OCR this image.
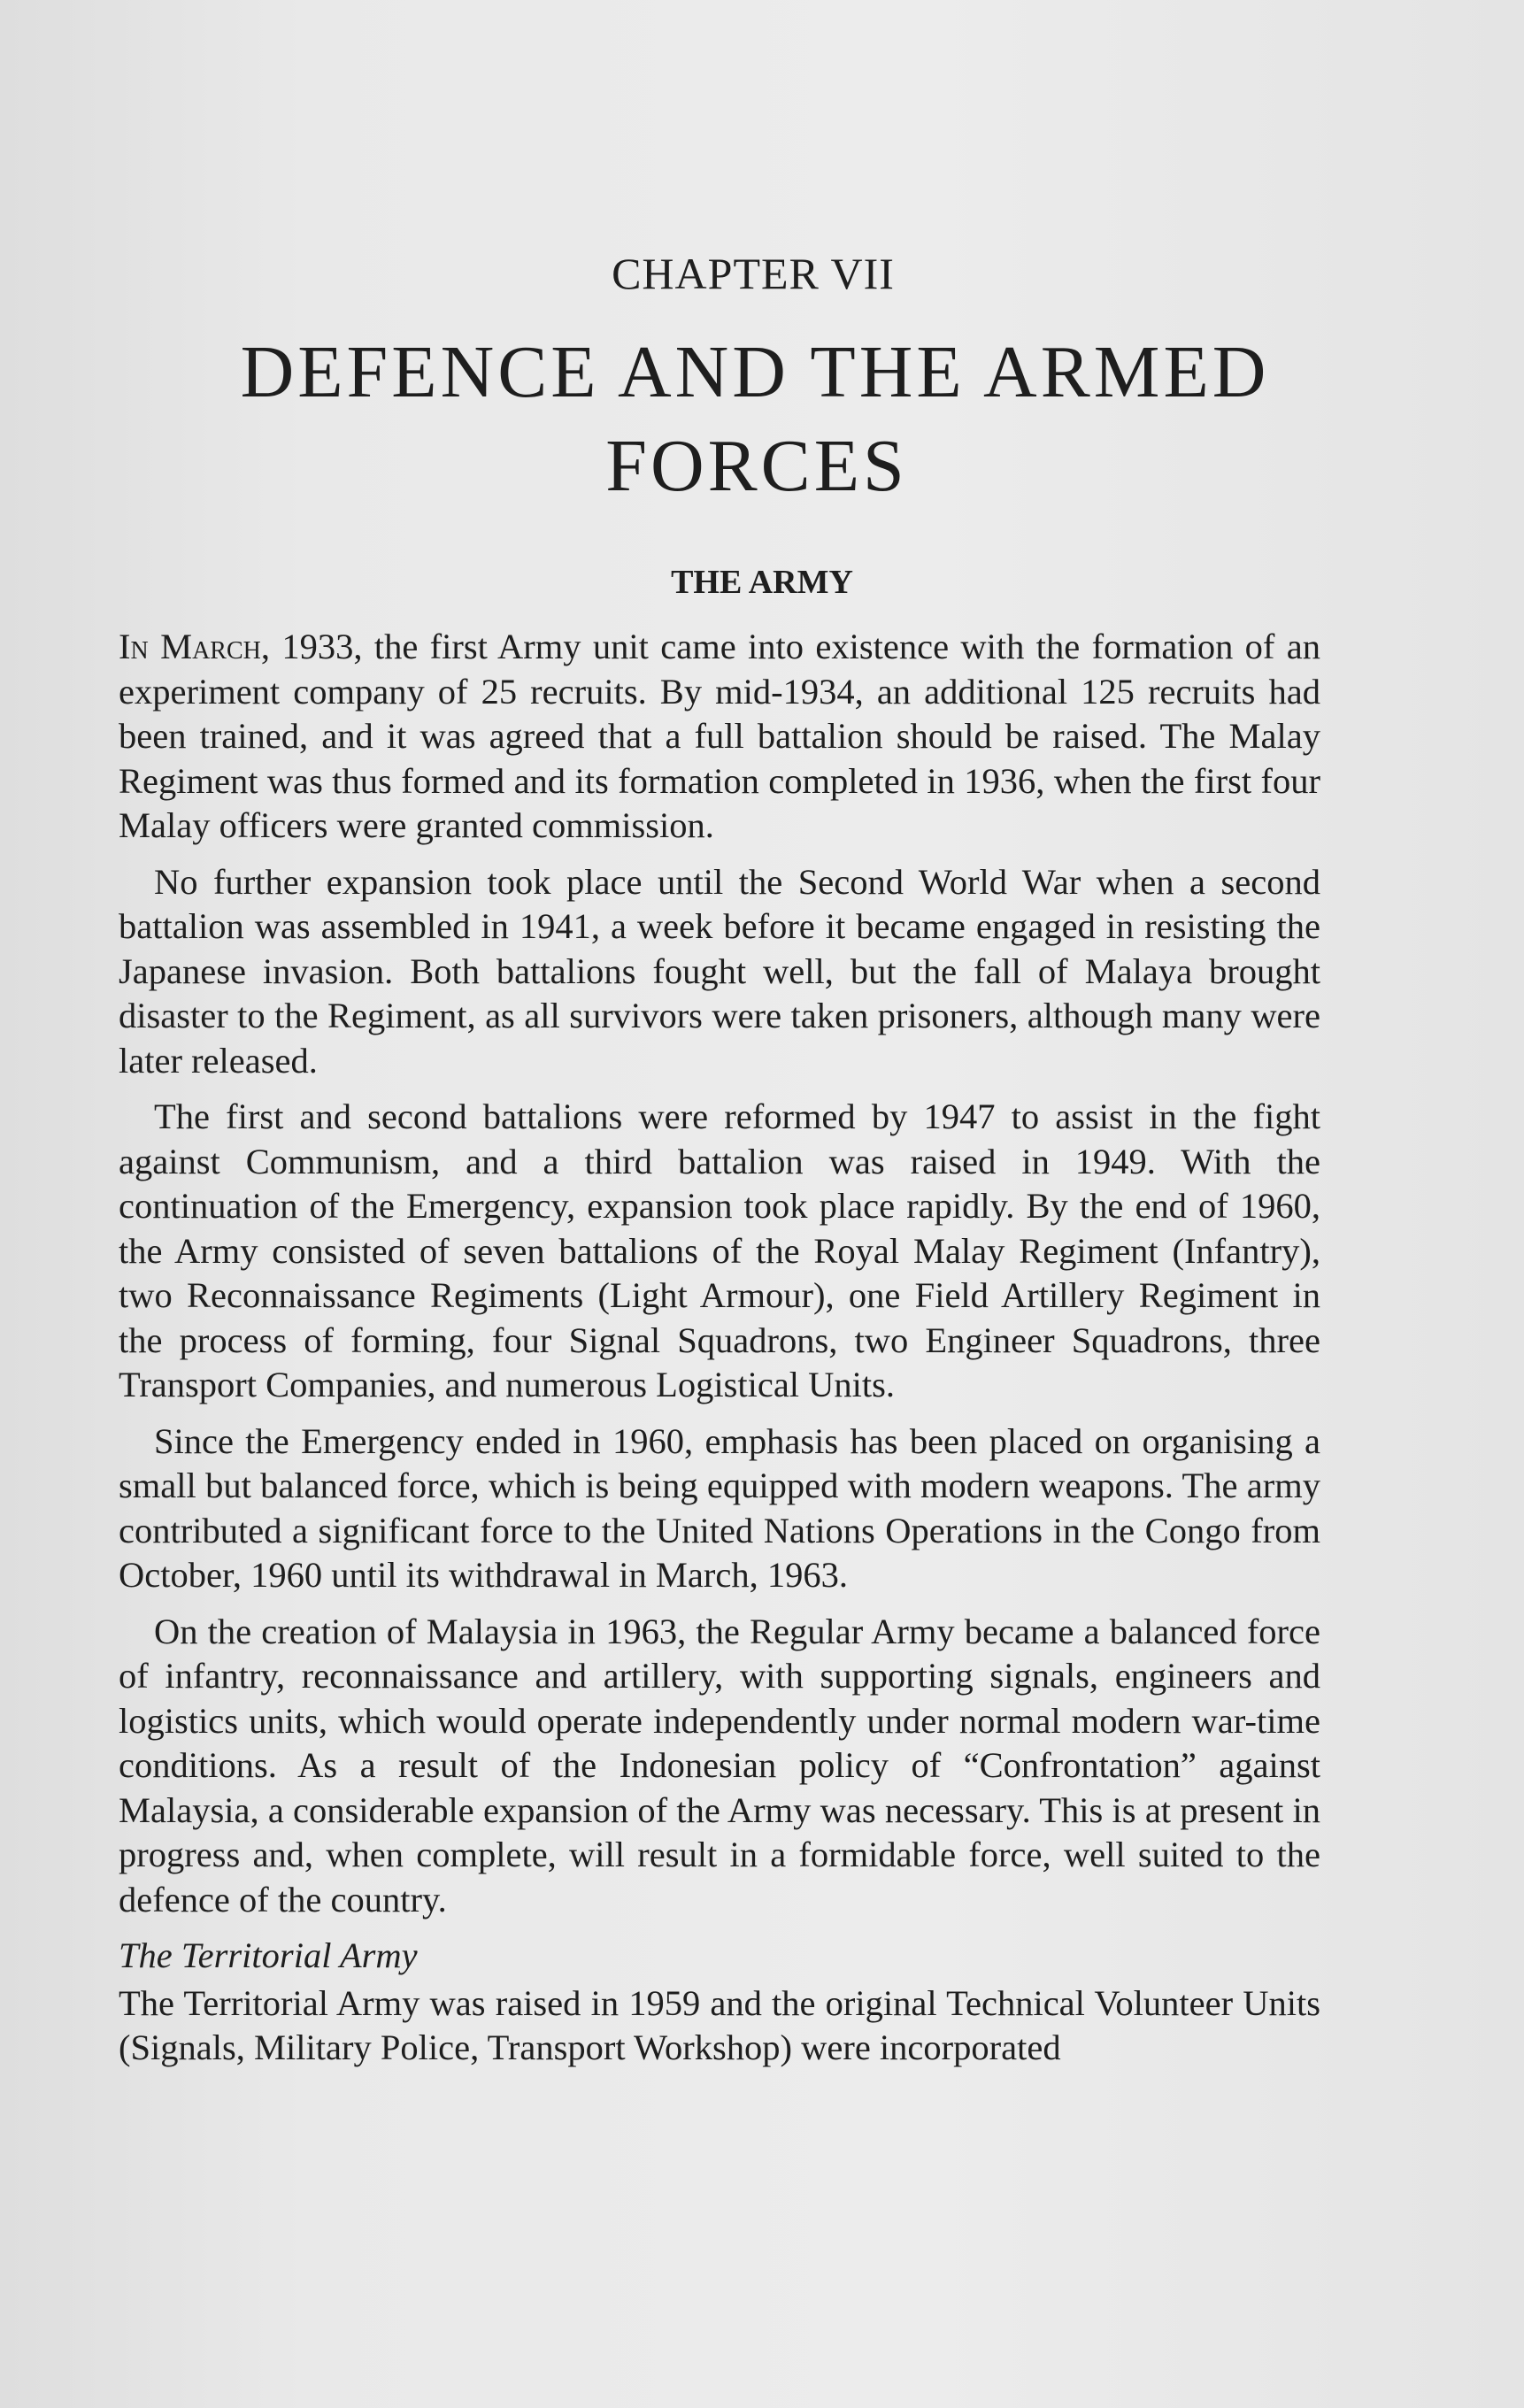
CHAPTER VII
DEFENCE AND THE ARMED
FORCES
THE ARMY

In March, 1933, the first Army unit came into existence with the formation of an experiment company of 25 recruits. By mid-1934, an additional 125 recruits had been trained, and it was agreed that a full battalion should be raised. The Malay Regiment was thus formed and its formation completed in 1936, when the first four Malay officers were granted commission.

No further expansion took place until the Second World War when a second battalion was assembled in 1941, a week before it became engaged in resisting the Japanese invasion. Both battalions fought well, but the fall of Malaya brought disaster to the Regiment, as all survivors were taken prisoners, although many were later released.

The first and second battalions were reformed by 1947 to assist in the fight against Communism, and a third battalion was raised in 1949. With the continuation of the Emergency, expansion took place rapidly. By the end of 1960, the Army consisted of seven battalions of the Royal Malay Regiment (Infantry), two Reconnaissance Regiments (Light Armour), one Field Artillery Regiment in the process of forming, four Signal Squadrons, two Engineer Squadrons, three Transport Companies, and numerous Logistical Units.

Since the Emergency ended in 1960, emphasis has been placed on organising a small but balanced force, which is being equipped with modern weapons. The army contributed a significant force to the United Nations Operations in the Congo from October, 1960 until its withdrawal in March, 1963.

On the creation of Malaysia in 1963, the Regular Army became a balanced force of infantry, reconnaissance and artillery, with supporting signals, engineers and logistics units, which would operate independently under normal modern war-time conditions. As a result of the Indonesian policy of “Confrontation” against Malaysia, a considerable expansion of the Army was necessary. This is at present in progress and, when complete, will result in a formidable force, well suited to the defence of the country.

The Territorial Army

The Territorial Army was raised in 1959 and the original Technical Volunteer Units (Signals, Military Police, Transport Workshop) were incorporated
